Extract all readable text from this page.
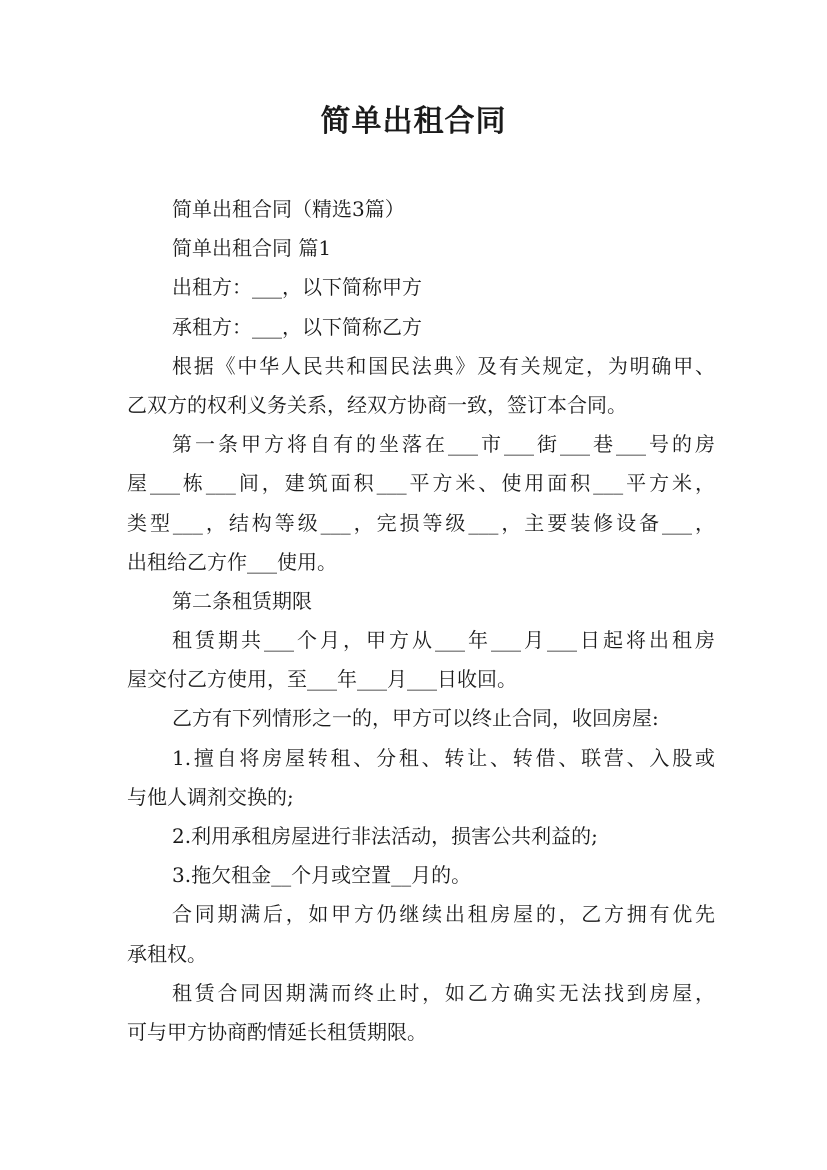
简单出租合同
简单出租合同（精选3篇）
简单出租合同 篇1
出租方：___，以下简称甲方
承租方：___，以下简称乙方
根据《中华人民共和国民法典》及有关规定，为明确甲、
乙双方的权利义务关系，经双方协商一致，签订本合同。
第一条甲方将自有的坐落在___市___街___巷___号的房
屋___栋___间，建筑面积___平方米、使用面积___平方米，
类型___，结构等级___，完损等级___，主要装修设备___，
出租给乙方作___使用。
第二条租赁期限
租赁期共___个月，甲方从___年___月___日起将出租房
屋交付乙方使用，至___年___月___日收回。
乙方有下列情形之一的，甲方可以终止合同，收回房屋:
1.擅自将房屋转租、分租、转让、转借、联营、入股或
与他人调剂交换的;
2.利用承租房屋进行非法活动，损害公共利益的;
3.拖欠租金__个月或空置__月的。
合同期满后，如甲方仍继续出租房屋的，乙方拥有优先
承租权。
租赁合同因期满而终止时，如乙方确实无法找到房屋，
可与甲方协商酌情延长租赁期限。
